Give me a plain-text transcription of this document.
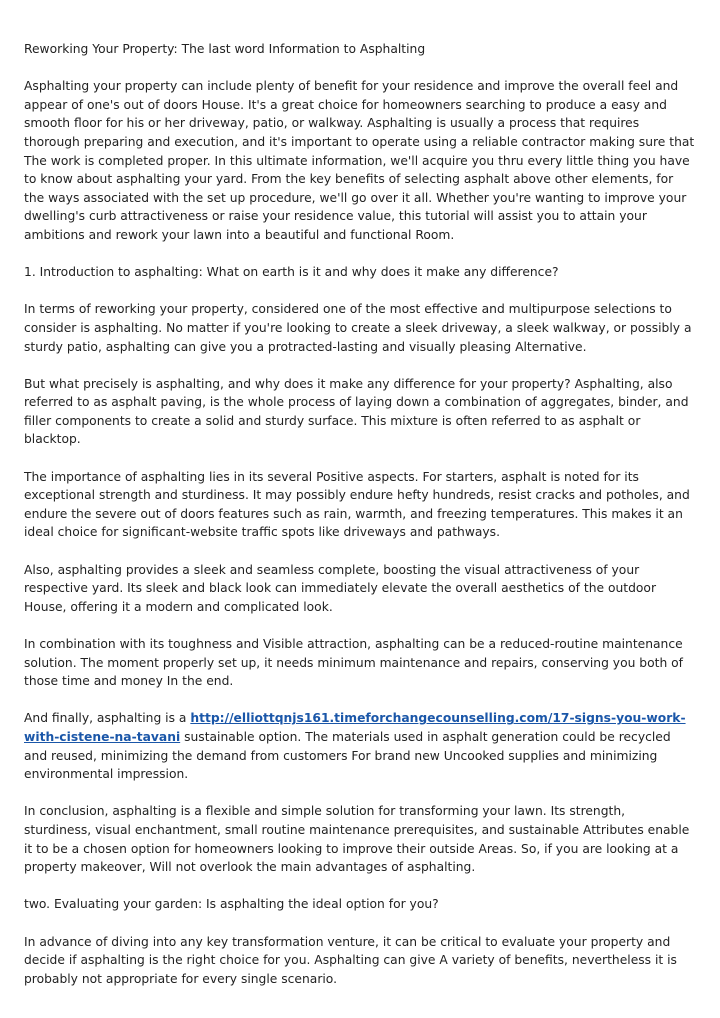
Reworking Your Property: The last word Information to Asphalting

Asphalting your property can include plenty of benefit for your residence and improve the overall feel and appear of one's out of doors House. It's a great choice for homeowners searching to produce a easy and smooth floor for his or her driveway, patio, or walkway. Asphalting is usually a process that requires thorough preparing and execution, and it's important to operate using a reliable contractor making sure that The work is completed proper. In this ultimate information, we'll acquire you thru every little thing you have to know about asphalting your yard. From the key benefits of selecting asphalt above other elements, for the ways associated with the set up procedure, we'll go over it all. Whether you're wanting to improve your dwelling's curb attractiveness or raise your residence value, this tutorial will assist you to attain your ambitions and rework your lawn into a beautiful and functional Room.

1. Introduction to asphalting: What on earth is it and why does it make any difference?

In terms of reworking your property, considered one of the most effective and multipurpose selections to consider is asphalting. No matter if you're looking to create a sleek driveway, a sleek walkway, or possibly a sturdy patio, asphalting can give you a protracted-lasting and visually pleasing Alternative.

But what precisely is asphalting, and why does it make any difference for your property? Asphalting, also referred to as asphalt paving, is the whole process of laying down a combination of aggregates, binder, and filler components to create a solid and sturdy surface. This mixture is often referred to as asphalt or blacktop.

The importance of asphalting lies in its several Positive aspects. For starters, asphalt is noted for its exceptional strength and sturdiness. It may possibly endure hefty hundreds, resist cracks and potholes, and endure the severe out of doors features such as rain, warmth, and freezing temperatures. This makes it an ideal choice for significant-website traffic spots like driveways and pathways.

Also, asphalting provides a sleek and seamless complete, boosting the visual attractiveness of your respective yard. Its sleek and black look can immediately elevate the overall aesthetics of the outdoor House, offering it a modern and complicated look.

In combination with its toughness and Visible attraction, asphalting can be a reduced-routine maintenance solution. The moment properly set up, it needs minimum maintenance and repairs, conserving you both of those time and money In the end.

And finally, asphalting is a http://elliottqnjs161.timeforchangecounselling.com/17-signs-you-work-with-cistene-na-tavani sustainable option. The materials used in asphalt generation could be recycled and reused, minimizing the demand from customers For brand new Uncooked supplies and minimizing environmental impression.

In conclusion, asphalting is a flexible and simple solution for transforming your lawn. Its strength, sturdiness, visual enchantment, small routine maintenance prerequisites, and sustainable Attributes enable it to be a chosen option for homeowners looking to improve their outside Areas. So, if you are looking at a property makeover, Will not overlook the main advantages of asphalting.

two. Evaluating your garden: Is asphalting the ideal option for you?

In advance of diving into any key transformation venture, it can be critical to evaluate your property and decide if asphalting is the right choice for you. Asphalting can give A variety of benefits, nevertheless it is probably not appropriate for every single scenario.
